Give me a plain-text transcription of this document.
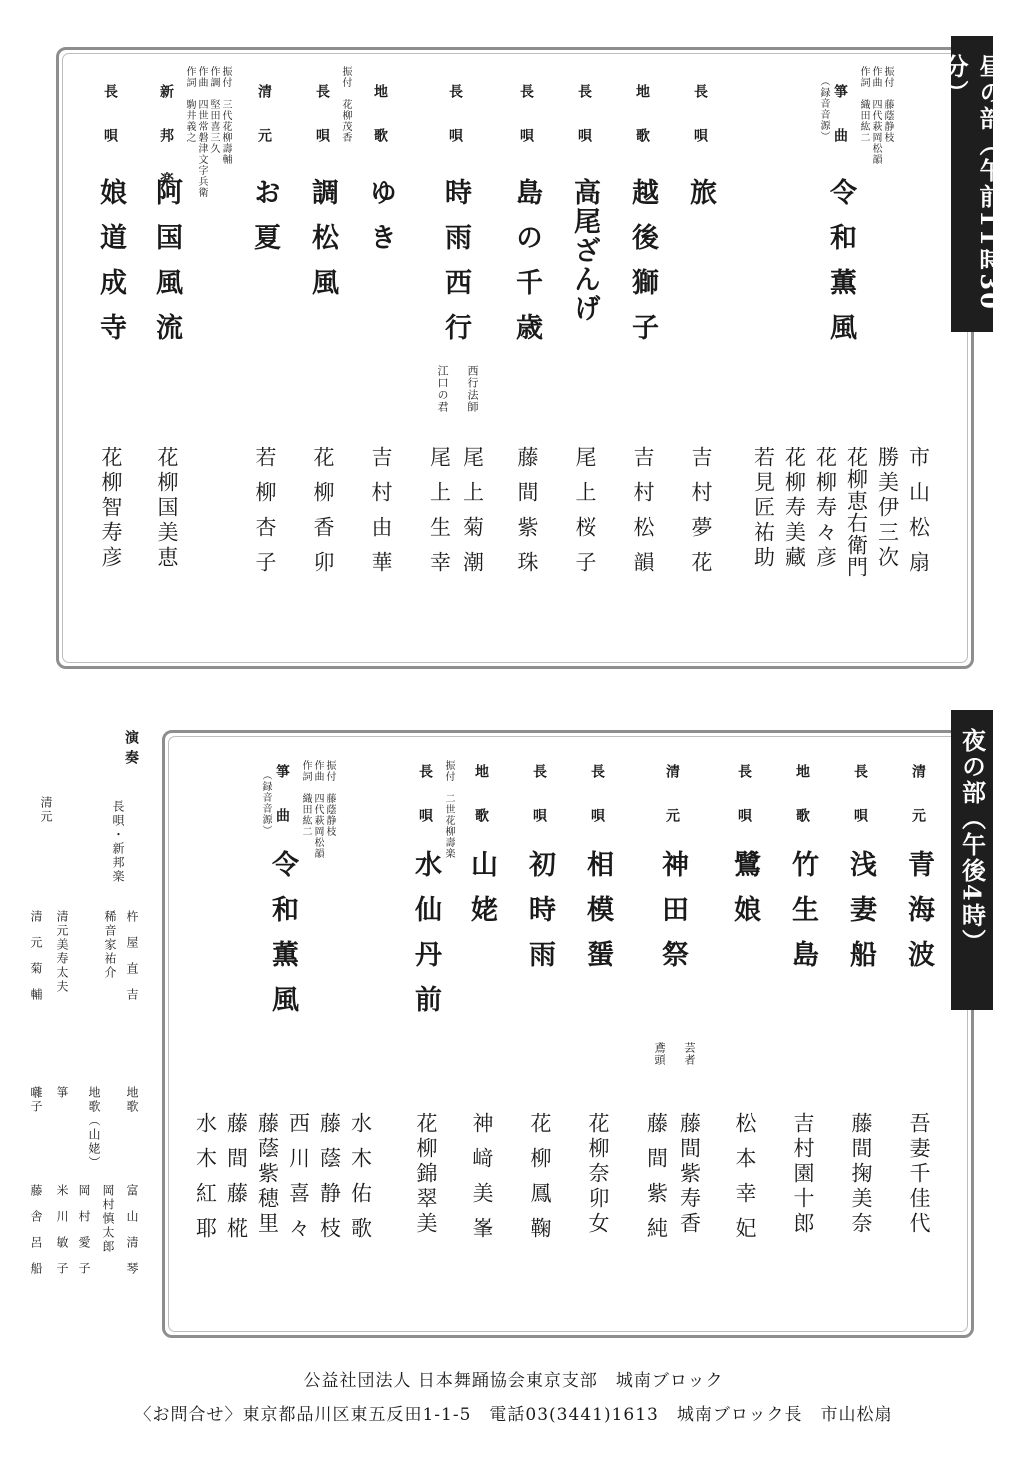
昼の部（午前11時30分）
作詞　織田紘二 作曲　四代萩岡松韻 振付　藤蔭静枝
（録音音源） 箏曲
令和薫風
市山松扇
勝美伊三次
花柳恵右衛門
花柳寿々彦
花柳寿美藏
若見匠祐助
長唄
旅
吉村夢花
地歌
越後獅子
吉村松韻
長唄
高尾ざんげ
尾上桜子
長唄
島の千歳
藤間紫珠
長唄
時雨西行
西行法師
江口の君
尾上菊潮
尾上生幸
地歌
ゆき
吉村由華
長唄 振付　花柳茂香
調松風
花柳香卯
清元
お夏
若柳杏子
新邦楽 作詞　駒井義之 作曲　四世常磐津文字兵衛 作調　堅田喜三久 振付　三代花柳壽輔
阿国風流
花柳国美恵
長唄
娘道成寺
花柳智寿彦
夜の部（午後4時）
清元
青海波
吾妻千佳代
長唄
浅妻船
藤間掬美奈
地歌
竹生島
吉村園十郎
長唄
鷺娘
松本幸妃
清元
神田祭
芸者
鳶頭
藤間紫寿香
藤間紫純
長唄
相模蜑
花柳奈卯女
長唄
初時雨
花柳鳳鞠
地歌
山姥
神﨑美峯
長唄 振付　二世花柳壽楽
水仙丹前
花柳錦翠美
作詞　織田紘二 作曲　四代萩岡松韻 振付　藤蔭静枝
（録音音源） 箏曲
令和薫風
水木佑歌
藤蔭静枝
西川喜々
藤蔭紫穂里
藤間藤椛
水木紅耶
演奏
長唄・新邦楽
杵屋直吉
稀音家祐介
清元
清元美寿太夫
清元菊輔
地歌
富山清琴
地歌（山姥）
岡村慎太郎
岡村愛子
箏
米川敏子
囃子
藤舎呂船
公益社団法人 日本舞踊協会東京支部　城南ブロック
〈お問合せ〉東京都品川区東五反田1-1-5　電話03(3441)1613　城南ブロック長　市山松扇
